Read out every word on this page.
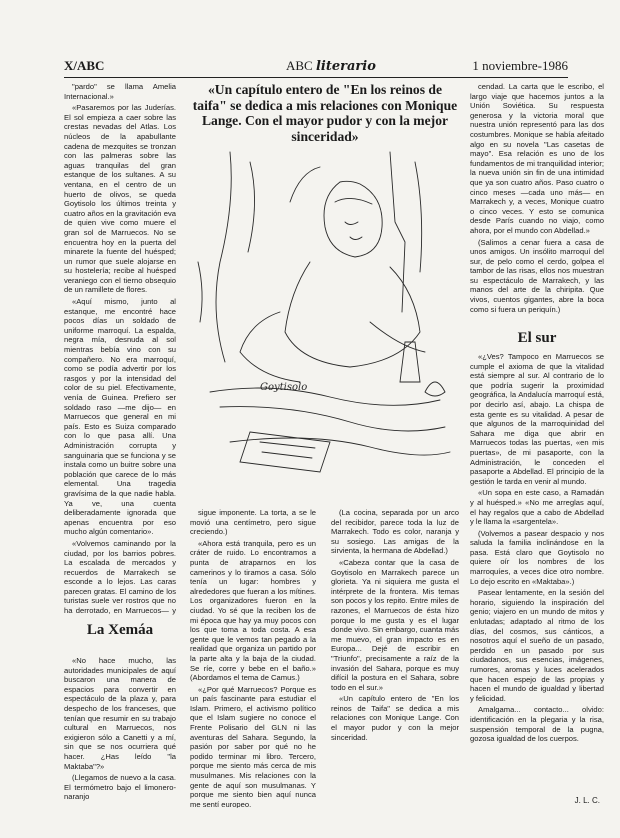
X/ABC	ABC literario	1 noviembre-1986

"pardo" se llama Amelia Internacional.»

«Pasaremos por las Juderías. El sol empieza a caer sobre las crestas nevadas del Atlas. Los núcleos de la apabullante cadena de mezquites se tronzan con las palmeras sobre las aguas tranquilas del gran estanque de los sultanes. A su ventana, en el centro de un huerto de olivos, se queda Goytisolo los últimos treinta y cuatro años en la gravitación eva de quien vive como muere el gran sol de Marruecos. No se encuentra hoy en la puerta del minarete la fuente del huésped; un rumor que suele alojarse en su hostelería; recibe al huésped veraniego con el tierno obsequio de un ramillete de flores.

«Aquí mismo, junto al estanque, me encontré hace pocos días un soldado de uniforme marroquí. La espalda, negra mía, desnuda al sol mientras bebía vino con su compañero. No era marroquí, como se podía advertir por los rasgos y por la intensidad del color de su piel. Efectivamente, venía de Guinea. Prefiero ser soldado raso —me dijo— en Marruecos que general en mi país. Esto es Suiza comparado con lo que pasa allí. Una Administración corrupta y sanguinaria que se funciona y se instala como un buitre sobre una población que carece de lo más elemental. Una tragedia gravísima de la que nadie habla. Ya ve, una cuenta deliberadamente ignorada que apenas encuentra por eso mucho algún comentario».

«Volvemos caminando por la ciudad, por los barrios pobres. La escalada de mercados y recuerdos de Marrakech se esconde a lo lejos. Las caras parecen gratas. El camino de los turistas suele ver rostros que no ha derrotado, en Marruecos— y

La Xemáa

«No hace mucho, las autoridades municipales de aquí buscaron una manera de espacios para convertir en espectáculo de la plaza y, para despecho de los franceses, que tenían que resumir en su trabajo cultural en Marruecos, nos exigieron sólo a Canetti y a mí, sin que se nos ocurriera qué hacer. ¿Has leído "la Maktaba"?»

(Llegamos de nuevo a la casa. El termómetro bajo el limonero-naranjo

«Un capítulo entero de "En los reinos de taifa" se dedica a mis relaciones con Monique Lange. Con el mayor pudor y con la mejor sinceridad»
Goytisolo

sigue imponente. La torta, a se le movió una centímetro, pero sigue creciendo.)

«Ahora está tranquila, pero es un cráter de ruido. Lo encontramos a punta de atraparnos en los camerinos y lo tiramos a casa. Sólo tenía un lugar: hombres y alrededores que fueran a los mítines. Los organizadores fueron en la ciudad. Yo sé que la reciben los de mi época que hay ya muy pocos con los que toma a toda costa. A esa gente que le vemos tan pegado a la realidad que organiza un partido por la parte alta y la baja de la ciudad. Se ríe, corre y bebe en el baño.» (Abordamos el tema de Camus.)

«¿Por qué Marruecos? Porque es un país fascinante para estudiar el Islam. Primero, el activismo político que el Islam sugiere no conoce el Frente Polisario del GLN ni las aventuras del Sahara. Segundo, la pasión por saber por qué no he podido terminar mi libro. Tercero, porque me siento más cerca de mis musulmanes. Mis relaciones con la gente de aquí son musulmanas. Y porque me siento bien aquí nunca me sentí europeo.

(La cocina, separada por un arco del recibidor, parece toda la luz de Marrakech. Todo es color, naranja y su sosiego. Las amigas de la sirvienta, la hermana de Abdellad.)

«Cabeza contar que la casa de Goytisolo en Marrakech parece un glorieta. Ya ni siquiera me gusta el intérprete de la frontera. Mis temas son pocos y los repito. Entre miles de razones, el Marruecos de ésta hizo porque lo me gusta y es el lugar donde vivo. Sin embargo, cuanta más me muevo, el gran impacto es en Europa... Dejé de escribir en "Triunfo", precisamente a raíz de la invasión del Sahara, porque es muy difícil la postura en el Sahara, sobre todo en el sur.»

«Un capítulo entero de "En los reinos de Taifa" se dedica a mis relaciones con Monique Lange. Con el mayor pudor y con la mejor sinceridad.

cendad. La carta que le escribo, el largo viaje que hacemos juntos a la Unión Soviética. Su respuesta generosa y la victoria moral que nuestra unión representó para las dos costumbres. Monique se había afeitado algo en su novela "Las casetas de mayo". Esa relación es uno de los fundamentos de mi tranquilidad interior; la nueva unión sin fin de una intimidad que ya son cuatro años. Paso cuatro o cinco meses —cada uno más— en Marrakech y, a veces, Monique cuatro o cinco veces. Y esto se comunica desde París cuando no viajo, como ahora, por el mundo con Abdellad.»

(Salimos a cenar fuera a casa de unos amigos. Un insólito marroquí del sur, de pelo como el cerdo, golpea el tambor de las risas, ellos nos muestran su espectáculo de Marrakech, y las manos del arte de la chiripita. Que vivos, cuentos gigantes, abre la boca como si fuera un periquín.)

El sur

«¿Ves? Tampoco en Marruecos se cumple el axioma de que la vitalidad está siempre al sur. Al contrario de lo que podría sugerir la proximidad geográfica, la Andalucía marroquí está, por decirlo así, abajo. La chispa de esta gente es su vitalidad. A pesar de que algunos de la marroquinidad del Sahara me diga que abrir en Marruecos todas las puertas, «en mis puertas», de mi pasaporte, con la Administración, le conceden el pasaporte a Abdellad. El principio de la gestión le tarda en venir al mundo.

«Un sopa en este caso, a Ramadán y al huésped.» «No me arreglas aquí, el hay regalos que a cabo de Abdellad y le llama la «sargentela».

(Volvemos a pasear despacio y nos saluda la familia inclinándose en la pasa. Está claro que Goytisolo no quiere oír los nombres de los marroquíes, a veces dice otro nombre. Lo dejo escrito en «Maktaba».)

Pasear lentamente, en la sesión del horario, siguiendo la inspiración del genio; viajero en un mundo de mitos y enlutadas; adaptado al ritmo de los días, del cosmos, sus cánticos, a nosotros aquí el sueño de un pasado, perdido en un pasado por sus ciudadanos, sus esencias, imágenes, rumores, aromas y luces acelerados que hacen espejo de las propias y hacen el mundo de igualdad y libertad y felicidad.

Amalgama... contacto... olvido: identificación en la plegaria y la risa, suspensión temporal de la pugna, gozosa igualdad de los cuerpos.

J. L. C.
